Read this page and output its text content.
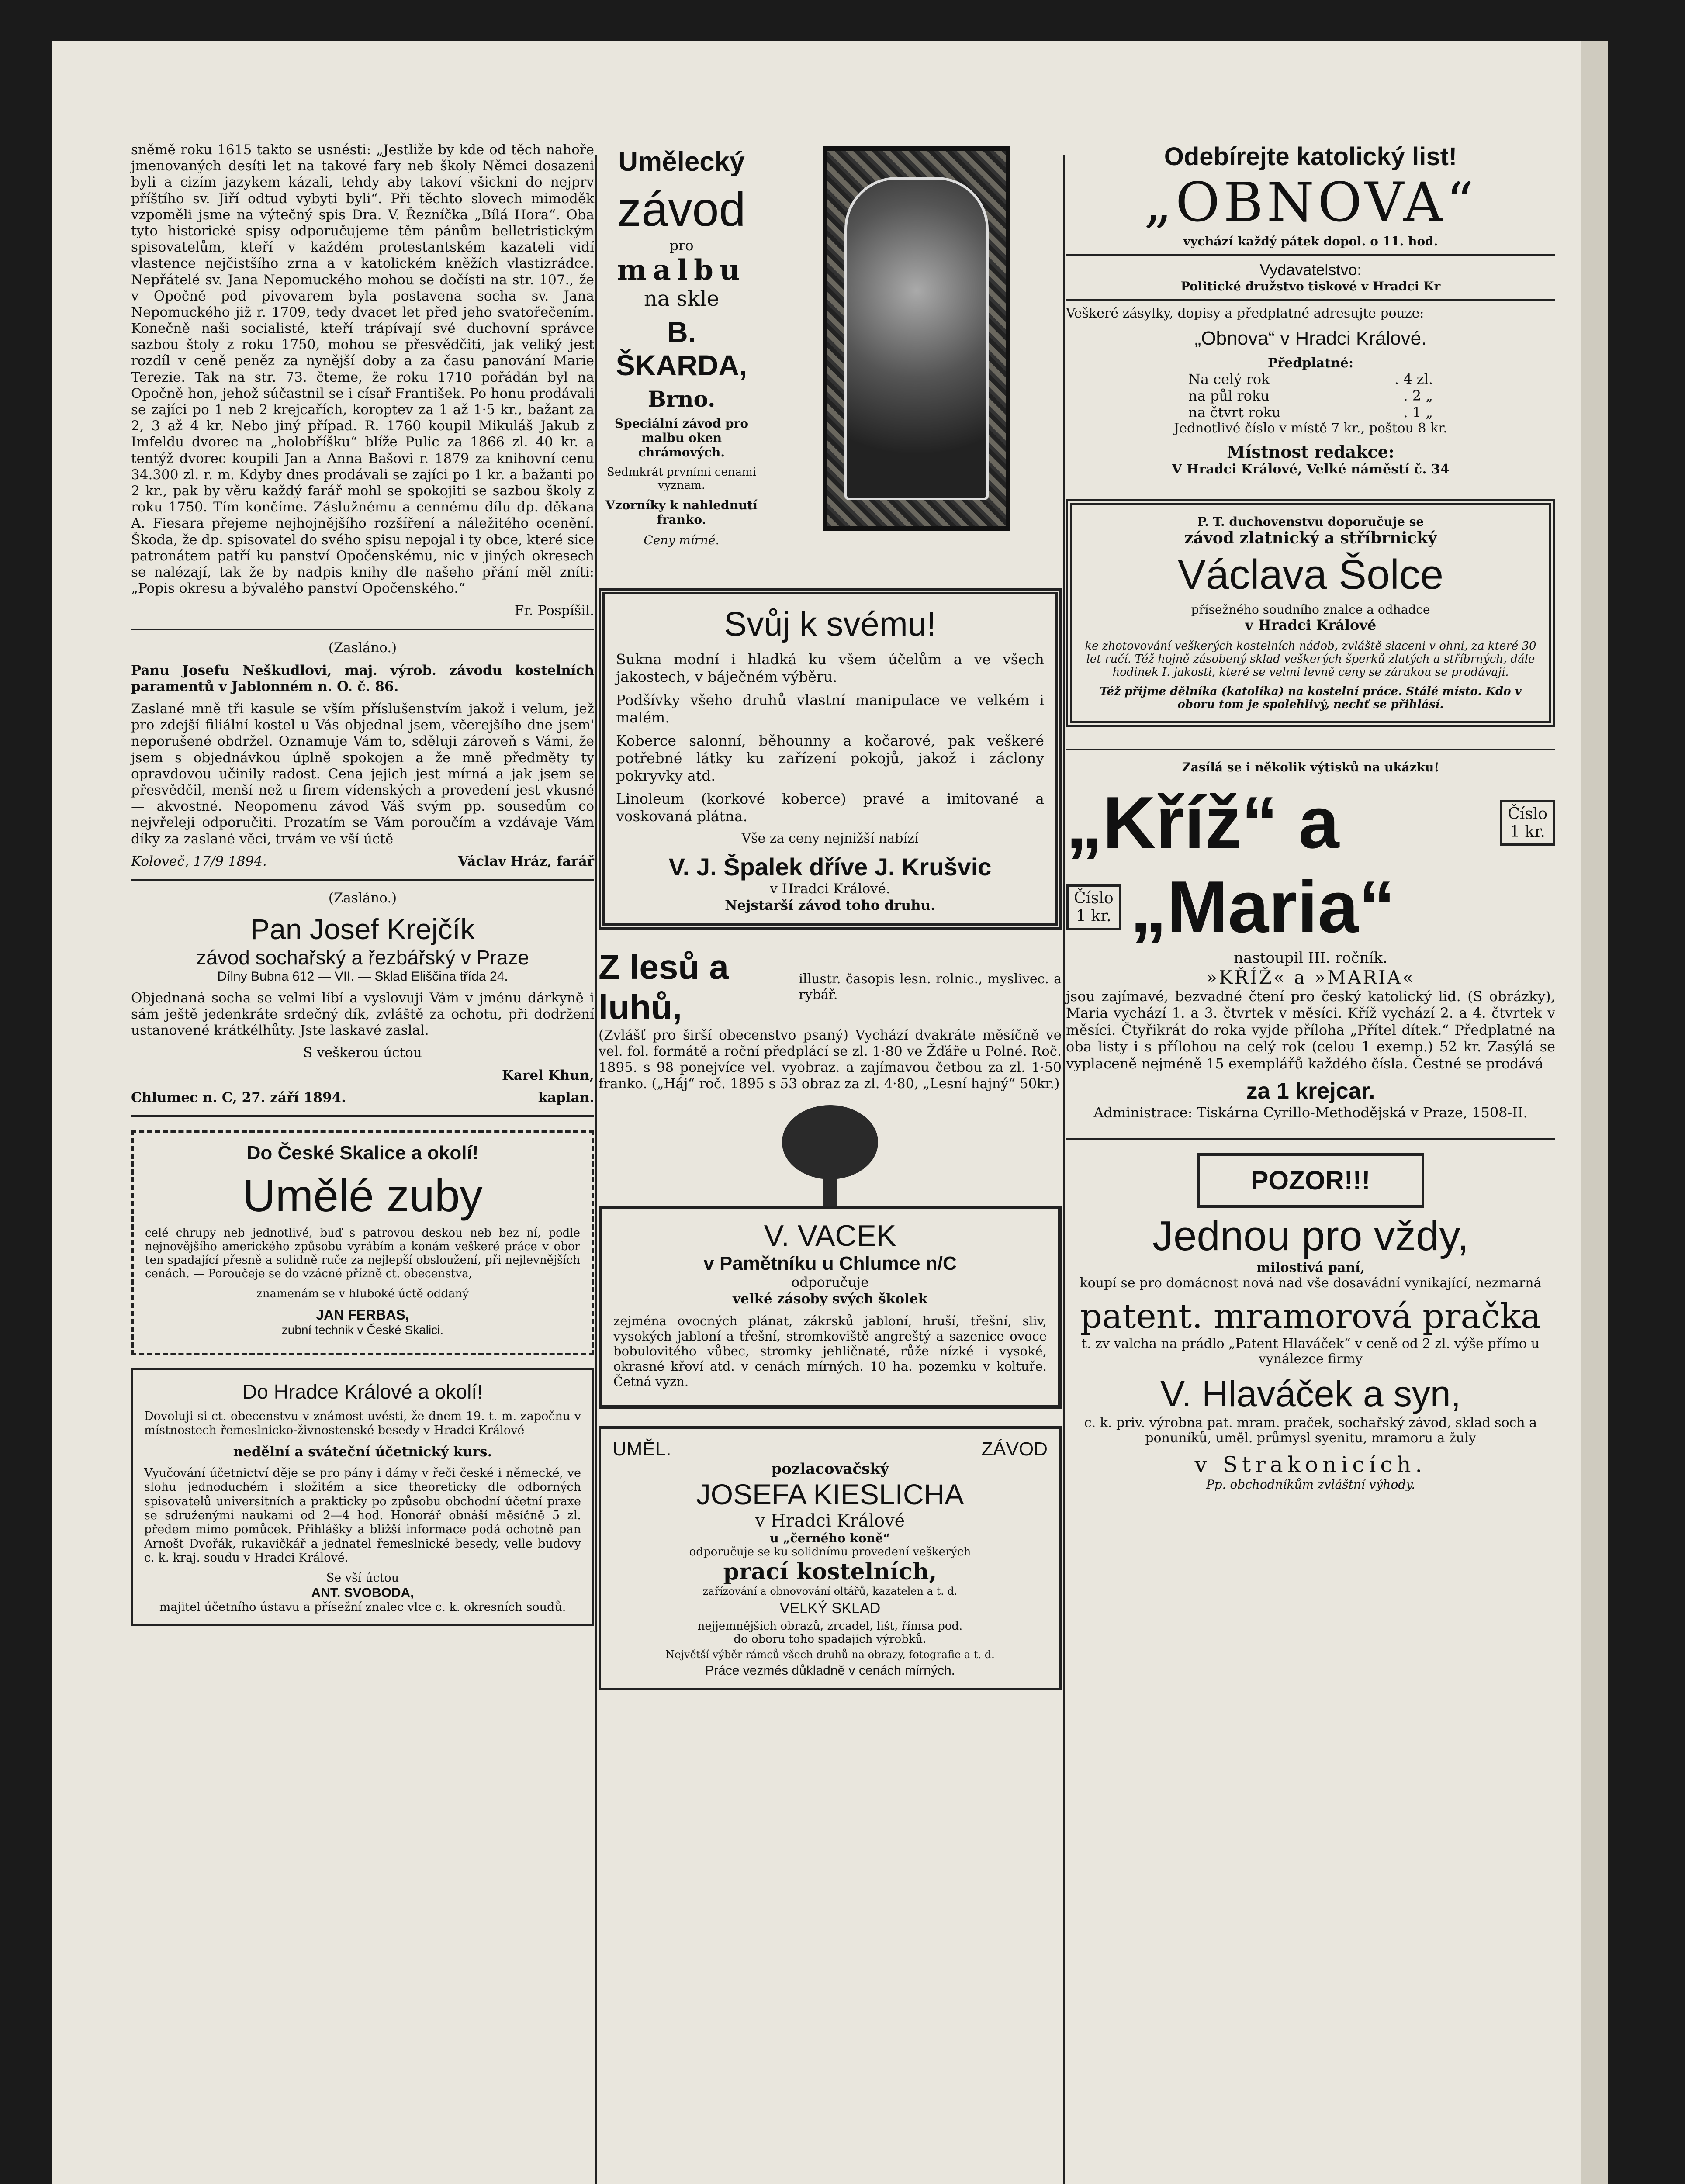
sněmě roku 1615 takto se usnésti: „Jestliže by kde od těch nahoře jmenovaných desíti let na takové fary neb školy Němci dosazeni byli a cizím jazykem kázali, tehdy aby takoví všickni do nejprv příštího sv. Jiří odtud vybyti byli“. Při těchto slovech mimoděk vzpoměli jsme na výtečný spis Dra. V. Řezníčka „Bílá Hora“. Oba tyto historické spisy odporučujeme těm pánům belletristickým spisovatelům, kteří v každém protestantském kazateli vidí vlastence nejčistšího zrna a v katolickém kněžích vlastizrádce. Nepřátelé sv. Jana Nepomuckého mohou se dočísti na str. 107., že v Opočně pod pivovarem byla postavena socha sv. Jana Nepomuckého již r. 1709, tedy dvacet let před jeho svatořečením. Konečně naši socialisté, kteří trápívají své duchovní správce sazbou štoly z roku 1750, mohou se přesvědčiti, jak veliký jest rozdíl v ceně peněz za nynější doby a za času panování Marie Terezie. Tak na str. 73. čteme, že roku 1710 pořádán byl na Opočně hon, jehož súčastnil se i císař František. Po honu prodávali se zajíci po 1 neb 2 krejcařích, koroptev za 1 až 1·5 kr., bažant za 2, 3 až 4 kr. Nebo jiný případ. R. 1760 koupil Mikuláš Jakub z Imfeldu dvorec na „holobříšku“ blíže Pulic za 1866 zl. 40 kr. a tentýž dvorec koupili Jan a Anna Bašovi r. 1879 za knihovní cenu 34.300 zl. r. m. Kdyby dnes prodávali se zajíci po 1 kr. a bažanti po 2 kr., pak by věru každý farář mohl se spokojiti se sazbou školy z roku 1750. Tím končíme. Záslužnému a cennému dílu dp. děkana A. Fiesara přejeme nejhojnějšího rozšíření a náležitého ocenění. Škoda, že dp. spisovatel do svého spisu nepojal i ty obce, které sice patronátem patří ku panství Opočenskému, nic v jiných okresech se nalézají, tak že by nadpis knihy dle našeho přání měl zníti: „Popis okresu a bývalého panství Opočenského.“

Fr. Pospíšil.

(Zasláno.)

Panu Josefu Neškudlovi, maj. výrob. závodu kostelních paramentů v Jablonném n. O. č. 86.

Zaslané mně tři kasule se vším příslušenstvím jakož i velum, jež pro zdejší filiální kostel u Vás objednal jsem, včerejšího dne jsem' neporušené obdržel. Oznamuje Vám to, sděluji zároveň s Vámi, že jsem s objednávkou úplně spokojen a že mně předměty ty opravdovou učinily radost. Cena jejich jest mírná a jak jsem se přesvědčil, menší než u firem vídenských a provedení jest vkusné — akvostné. Neopomenu závod Váš svým pp. sousedům co nejvřeleji odporučiti. Prozatím se Vám poroučím a vzdávaje Vám díky za zaslané věci, trvám ve vší úctě

Koloveč, 17/9 1894.	Václav Hráz, farář

(Zasláno.)

Pan Josef Krejčík

závod sochařský a řezbářský v Praze

Dílny Bubna 612 — VII. — Sklad Eliščina třída 24.

Objednaná socha se velmi líbí a vyslovuji Vám v jménu dárkyně i sám ještě jedenkráte srdečný dík, zvláště za ochotu, při dodržení ustanovené krátkélhůty. Jste laskavé zaslal.

S veškerou úctou

Karel Khun,

Chlumec n. C, 27. září 1894.	kaplan.

Do České Skalice a okolí!

Umělé zuby

celé chrupy neb jednotlivé, buď s patrovou deskou neb bez ní, podle nejnovějšího amerického způsobu vyrábím a konám veškeré práce v obor ten spadající přesně a solidně ruče za nejlepší obsloužení, při nejlevnějších cenách. — Poroučeje se do vzácné přízně ct. obecenstva,

znamenám se v hluboké úctě oddaný

JAN FERBAS,

zubní technik v České Skalici.

Do Hradce Králové a okolí!

Dovoluji si ct. obecenstvu v známost uvésti, že dnem 19. t. m. započnu v místnostech řemeslnicko-živnostenské besedy v Hradci Králové

nedělní a sváteční účetnický kurs.

Vyučování účetnictví děje se pro pány i dámy v řeči české i německé, ve slohu jednoduchém i složitém a sice theoreticky dle odborných spisovatelů universitních a prakticky po způsobu obchodní účetní praxe se sdruženými naukami od 2—4 hod. Honorář obnáší měsíčně 5 zl. předem mimo pomůcek. Přihlášky a bližší informace podá ochotně pan Arnošt Dvořák, rukavičkář a jednatel řemeslnické besedy, velle budovy c. k. kraj. soudu v Hradci Králové.

Se vší úctou

ANT. SVOBODA,

majitel účetního ústavu a přísežní znalec vlce c. k. okresních soudů.

Umělecký

závod

pro

malbu

na skle

B. ŠKARDA,

Brno.

Speciální závod pro malbu oken chrámových.

Sedmkrát prvními cenami vyznam.

Vzorníky k nahlednutí franko.

Ceny mírné.

Svůj k svému!

Sukna modní i hladká ku všem účelům a ve všech jakostech, v báječném výběru.

Podšívky všeho druhů vlastní manipulace ve velkém i malém.

Koberce salonní, běhounny a kočarové, pak veškeré potřebné látky ku zařízení pokojů, jakož i záclony pokryvky atd.

Linoleum (korkové koberce) pravé a imitované a voskovaná plátna.

Vše za ceny nejnižší nabízí

V. J. Špalek dříve J. Krušvic

v Hradci Králové.

Nejstarší závod toho druhu.

Z lesů a luhů,
illustr. časopis lesn. rolnic., myslivec. a rybář.

(Zvlášť pro širší obecenstvo psaný) Vychází dvakráte měsíčně ve vel. fol. formátě a roční předplácí se zl. 1·80 ve Žďáře u Polné. Roč. 1895. s 98 ponejvíce vel. vyobraz. a zajímavou četbou za zl. 1·50 franko. („Háj“ roč. 1895 s 53 obraz za zl. 4·80, „Lesní hajný“ 50kr.)

V. VACEK

v Pamětníku u Chlumce n/C

odporučuje

velké zásoby svých školek

zejména ovocných plánat, zákrsků jabloní, hruší, třešní, sliv, vysokých jabloní a třešní, stromkoviště angreštý a sazenice ovoce bobulovitého vůbec, stromky jehličnaté, růže nízké i vysoké, okrasné křoví atd. v cenách mírných. 10 ha. pozemku v koltuře. Četná vyzn.

UMĚL.	ZÁVOD

pozlacovačský

JOSEFA KIESLICHA

v Hradci Králové

u „černého koně“

odporučuje se ku solidnímu provedení veškerých

prací kostelních,

zařízování a obnovování oltářů, kazatelen a t. d.

VELKÝ SKLAD

nejjemnějších obrazů, zrcadel, lišt, římsa pod.

do oboru toho spadajích výrobků.

Největší výběr rámců všech druhů na obrazy, fotografie a t. d.

Práce vezmés důkladně v cenách mírných.

Odebírejte katolický list!

„OBNOVA“

vychází každý pátek dopol. o 11. hod.

Vydavatelstvo:

Politické družstvo tiskové v Hradci Kr

Veškeré zásylky, dopisy a předplatné adresujte pouze:

„Obnova“ v Hradci Králové.

Předplatné:

Na celý rok	. 4 zl.
na půl roku	. 2 „
na čtvrt roku	. 1 „

Jednotlivé číslo v místě 7 kr., poštou 8 kr.

Místnost redakce:

V Hradci Králové, Velké náměstí č. 34

P. T. duchovenstvu doporučuje se

závod zlatnický a stříbrnický

Václava Šolce

přísežného soudního znalce a odhadce

v Hradci Králové

ke zhotovování veškerých kostelních nádob, zvláště slaceni v ohni, za které 30 let ručí. Též hojně zásobený sklad veškerých šperků zlatých a stříbrných, dále hodinek I. jakosti, které se velmi levně ceny se zárukou se prodávají.

Též přijme dělníka (katolíka) na kostelní práce. Stálé místo. Kdo v oboru tom je spolehlivý, nechť se přihlásí.

Zasílá se i několik výtisků na ukázku!

„Kříž“ a	Číslo
1 kr.
Číslo
1 kr. „Maria“

nastoupil III. ročník.

»KŘÍŽ« a »MARIA«

jsou zajímavé, bezvadné čtení pro český katolický lid. (S obrázky), Maria vychází 1. a 3. čtvrtek v měsíci. Kříž vychází 2. a 4. čtvrtek v měsíci. Čtyřikrát do roka vyjde příloha „Přítel dítek.“ Předplatné na oba listy i s přílohou na celý rok (celou 1 exemp.) 52 kr. Zasýlá se vyplaceně nejméně 15 exemplářů každého čísla. Čestné se prodává

za 1 krejcar.

Administrace: Tiskárna Cyrillo-Methodějská v Praze, 1508-II.

POZOR!!!

Jednou pro vždy,

milostivá paní,

koupí se pro domácnost nová nad vše dosavádní vynikající, nezmarná

patent. mramorová pračka

t. zv valcha na prádlo „Patent Hlaváček“ v ceně od 2 zl. výše přímo u vynálezce firmy

V. Hlaváček a syn,

c. k. priv. výrobna pat. mram. praček, sochařský závod, sklad soch a ponuníků, uměl. průmysl syenitu, mramoru a žuly

v Strakonicích.

Pp. obchodníkům zvláštní výhody.
